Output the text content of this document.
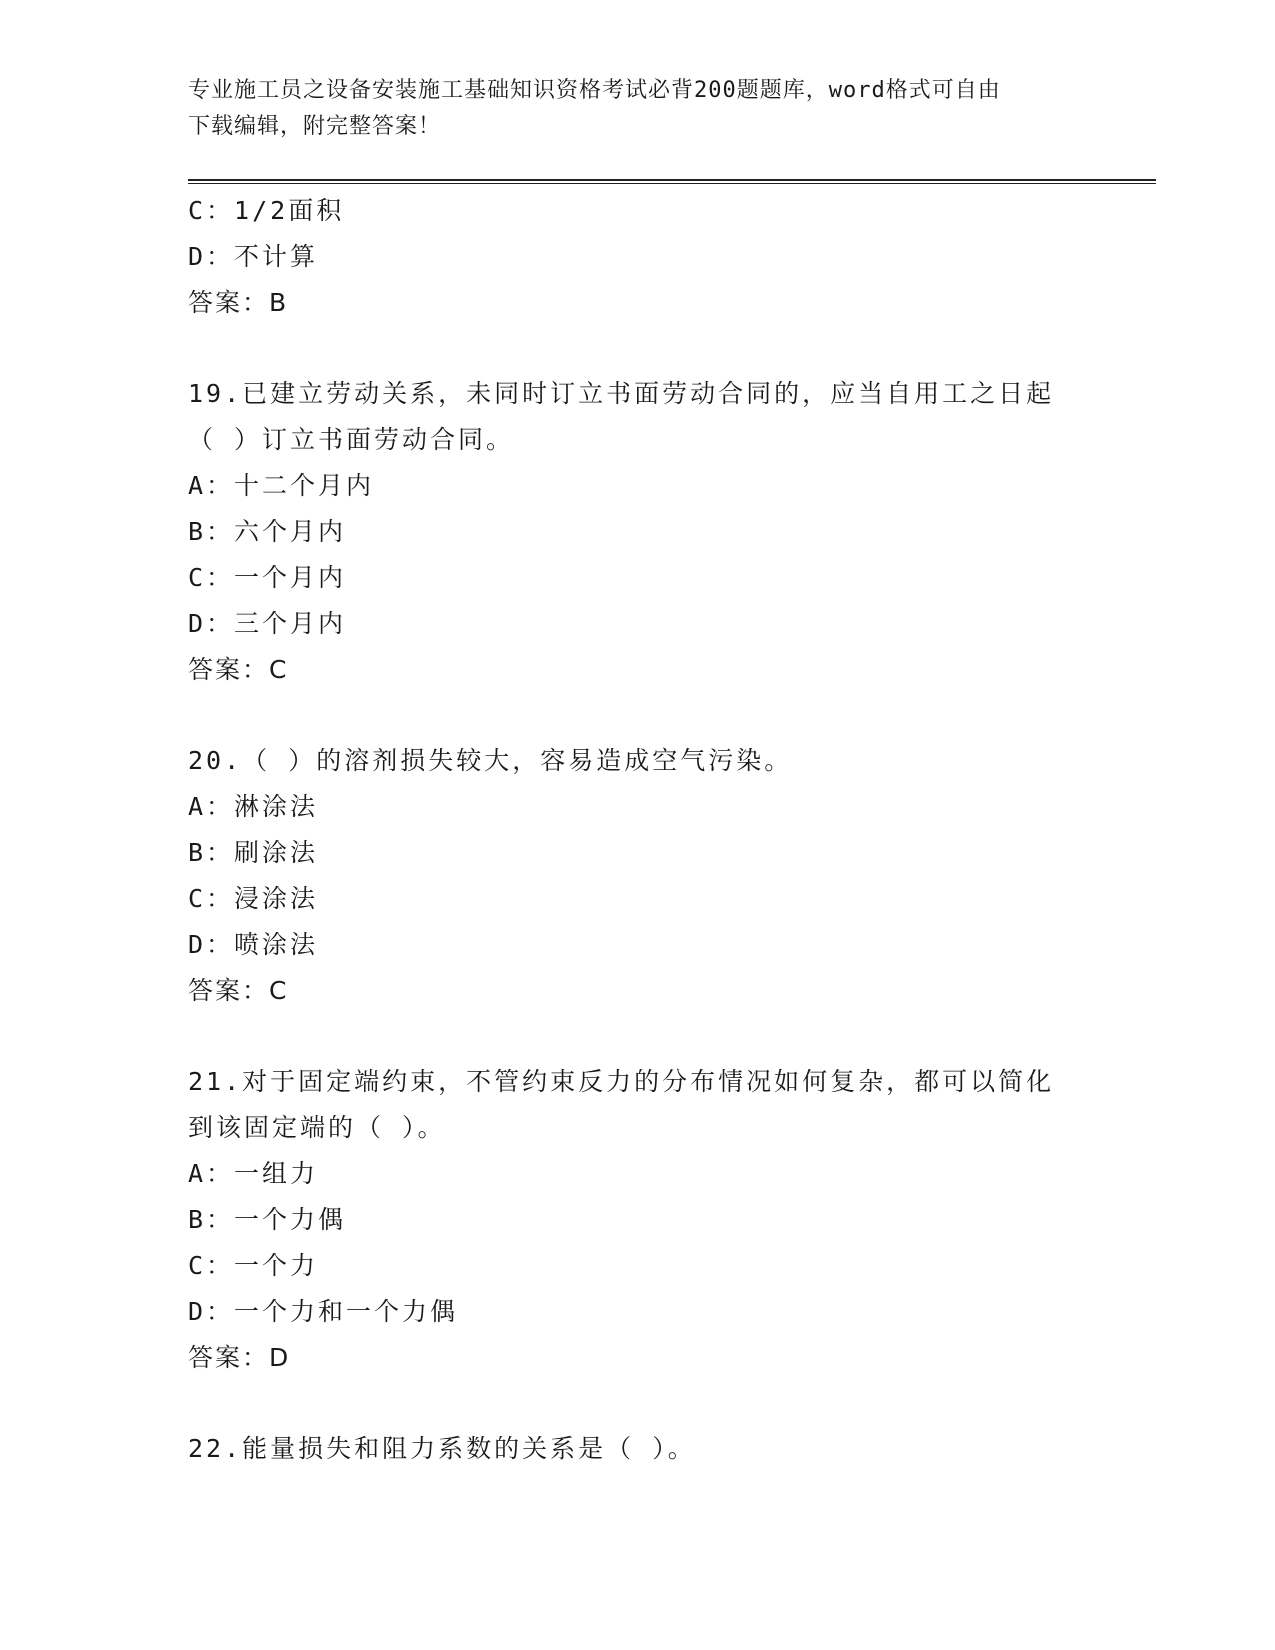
专业施工员之设备安装施工基础知识资格考试必背200题题库，word格式可自由
下载编辑，附完整答案！
C：1/2面积
D：不计算
答案：B
19.已建立劳动关系，未同时订立书面劳动合同的，应当自用工之日起
（ ）订立书面劳动合同。
A：十二个月内
B：六个月内
C：一个月内
D：三个月内
答案：C
20.（ ）的溶剂损失较大，容易造成空气污染。
A：淋涂法
B：刷涂法
C：浸涂法
D：喷涂法
答案：C
21.对于固定端约束，不管约束反力的分布情况如何复杂，都可以简化
到该固定端的（ ）。
A：一组力
B：一个力偶
C：一个力
D：一个力和一个力偶
答案：D
22.能量损失和阻力系数的关系是（ ）。
